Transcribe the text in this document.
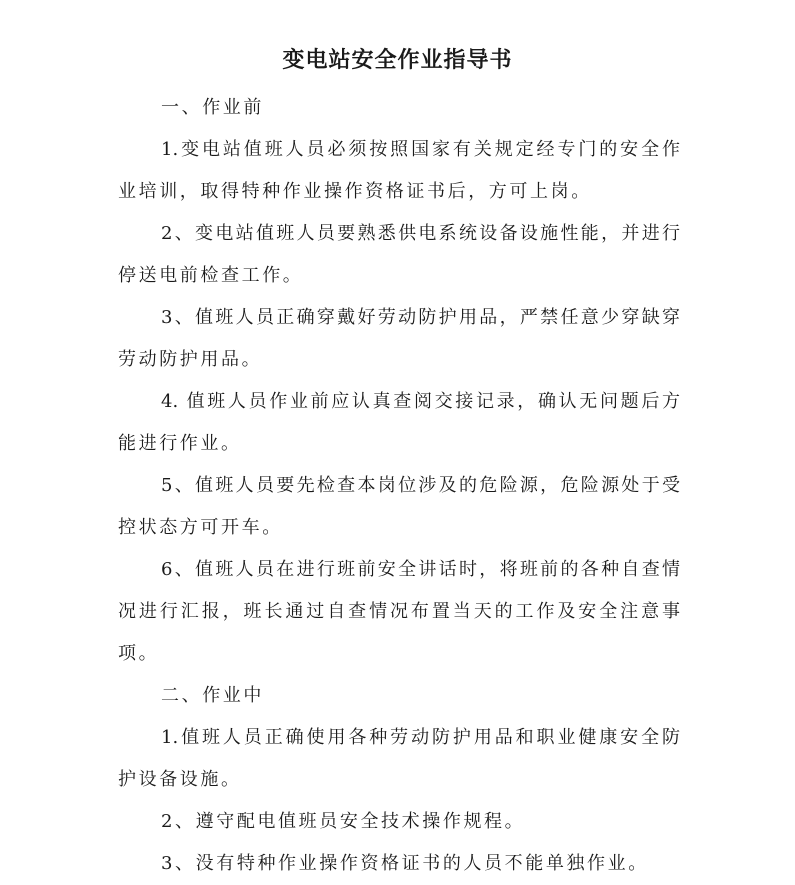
变电站安全作业指导书
一、作业前
1.变电站值班人员必须按照国家有关规定经专门的安全作
业培训，取得特种作业操作资格证书后，方可上岗。
2、变电站值班人员要熟悉供电系统设备设施性能，并进行
停送电前检查工作。
3、值班人员正确穿戴好劳动防护用品，严禁任意少穿缺穿
劳动防护用品。
4. 值班人员作业前应认真查阅交接记录，确认无问题后方
能进行作业。
5、值班人员要先检查本岗位涉及的危险源，危险源处于受
控状态方可开车。
6、值班人员在进行班前安全讲话时，将班前的各种自查情
况进行汇报，班长通过自查情况布置当天的工作及安全注意事
项。
二、作业中
1.值班人员正确使用各种劳动防护用品和职业健康安全防
护设备设施。
2、遵守配电值班员安全技术操作规程。
3、没有特种作业操作资格证书的人员不能单独作业。
